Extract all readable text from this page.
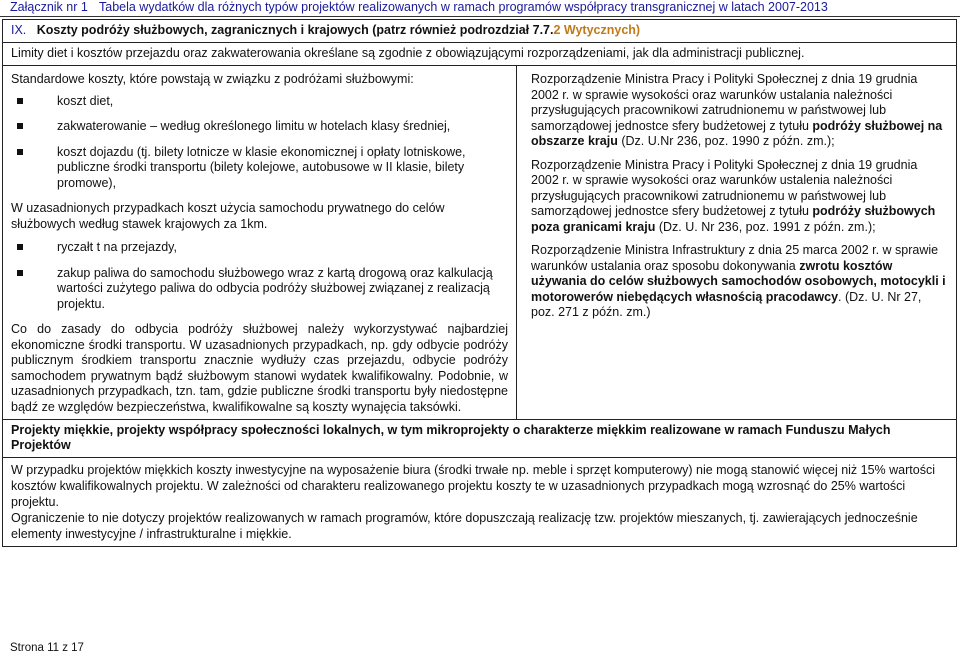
Załącznik nr 1 Tabela wydatków dla różnych typów projektów realizowanych w ramach programów współpracy transgranicznej w latach 2007-2013
IX. Koszty podróży służbowych, zagranicznych i krajowych (patrz również podrozdział 7.7.2 Wytycznych)
Limity diet i kosztów przejazdu oraz zakwaterowania określane są zgodnie z obowiązującymi rozporządzeniami, jak dla administracji publicznej.

Standardowe koszty, które powstają w związku z podróżami służbowymi:
koszt diet,
zakwaterowanie – według określonego limitu w hotelach klasy średniej,
koszt dojazdu (tj. bilety lotnicze w klasie ekonomicznej i opłaty lotniskowe, publiczne środki transportu (bilety kolejowe, autobusowe w II klasie, bilety promowe),
W uzasadnionych przypadkach koszt użycia samochodu prywatnego do celów służbowych według stawek krajowych za 1km.
ryczałt t na przejazdy,
zakup paliwa do samochodu służbowego wraz z kartą drogową oraz kalkulacją wartości zużytego paliwa do odbycia podróży służbowej związanej z realizacją projektu.
Co do zasady do odbycia podróży służbowej należy wykorzystywać najbardziej ekonomiczne środki transportu. W uzasadnionych przypadkach, np. gdy odbycie podróży publicznym środkiem transportu znacznie wydłuży czas przejazdu, odbycie podróży samochodem prywatnym bądź służbowym stanowi wydatek kwalifikowalny. Podobnie, w uzasadnionych przypadkach, tzn. tam, gdzie publiczne środki transportu były niedostępne bądź ze względów bezpieczeństwa, kwalifikowalne są koszty wynajęcia taksówki.

Rozporządzenie Ministra Pracy i Polityki Społecznej z dnia 19 grudnia 2002 r. w sprawie wysokości oraz warunków ustalania należności przysługujących pracownikowi zatrudnionemu w państwowej lub samorządowej jednostce sfery budżetowej z tytułu podróży służbowej na obszarze kraju (Dz. U.Nr 236, poz. 1990 z późn. zm.);

Rozporządzenie Ministra Pracy i Polityki Społecznej z dnia 19 grudnia 2002 r. w sprawie wysokości oraz warunków ustalenia należności przysługujących pracownikowi zatrudnionemu w państwowej lub samorządowej jednostce sfery budżetowej z tytułu podróży służbowych poza granicami kraju (Dz. U. Nr 236, poz. 1991 z późn. zm.);

Rozporządzenie Ministra Infrastruktury z dnia 25 marca 2002 r. w sprawie warunków ustalania oraz sposobu dokonywania zwrotu kosztów używania do celów służbowych samochodów osobowych, motocykli i motorowerów niebędących własnością pracodawcy. (Dz. U. Nr 27, poz. 271 z późn. zm.)

Projekty miękkie, projekty współpracy społeczności lokalnych, w tym mikroprojekty o charakterze miękkim realizowane w ramach Funduszu Małych Projektów

W przypadku projektów miękkich koszty inwestycyjne na wyposażenie biura (środki trwałe np. meble i sprzęt komputerowy) nie mogą stanowić więcej niż 15% wartości kosztów kwalifikowalnych projektu. W zależności od charakteru realizowanego projektu koszty te w uzasadnionych przypadkach mogą wzrosnąć do 25% wartości projektu.

Ograniczenie to nie dotyczy projektów realizowanych w ramach programów, które dopuszczają realizację tzw. projektów mieszanych, tj. zawierających jednocześnie elementy inwestycyjne / infrastrukturalne i miękkie.

Strona 11 z 17
